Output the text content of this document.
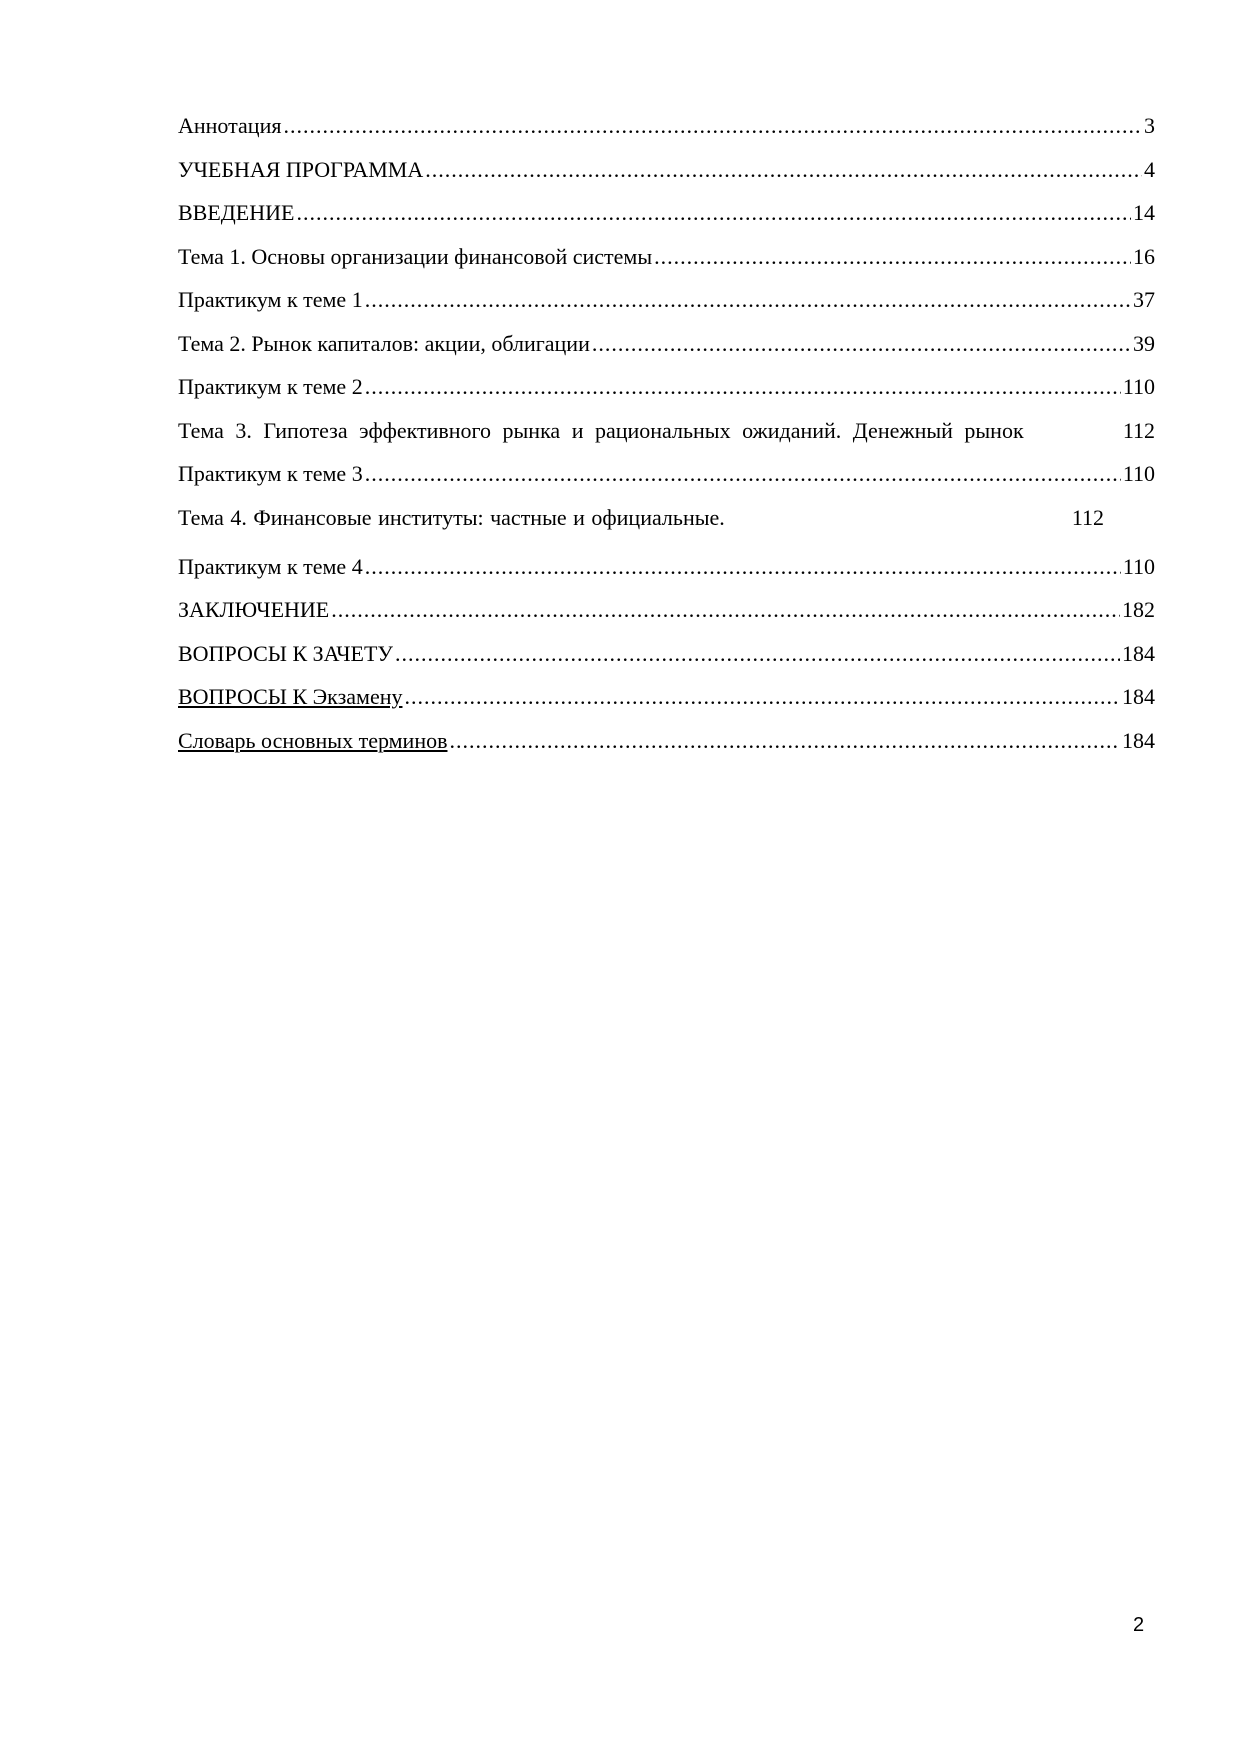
Аннотация .....	3
УЧЕБНАЯ ПРОГРАММА .....	4
ВВЕДЕНИЕ .....	14
Тема 1. Основы организации финансовой системы .....	16
Практикум к теме 1 .....	37
Тема 2. Рынок капиталов: акции, облигации .....	39
Практикум к теме 2 .....	110
Тема 3. Гипотеза эффективного рынка и рациональных ожиданий. Денежный рынок	112
Практикум к теме 3 .....	110
Тема 4. Финансовые институты: частные и официальные.	112
Практикум к теме 4 .....	110
ЗАКЛЮЧЕНИЕ .....	182
ВОПРОСЫ К ЗАЧЕТУ .....	184
ВОПРОСЫ К Экзамену .....	184
Словарь основных терминов .....	184
2
